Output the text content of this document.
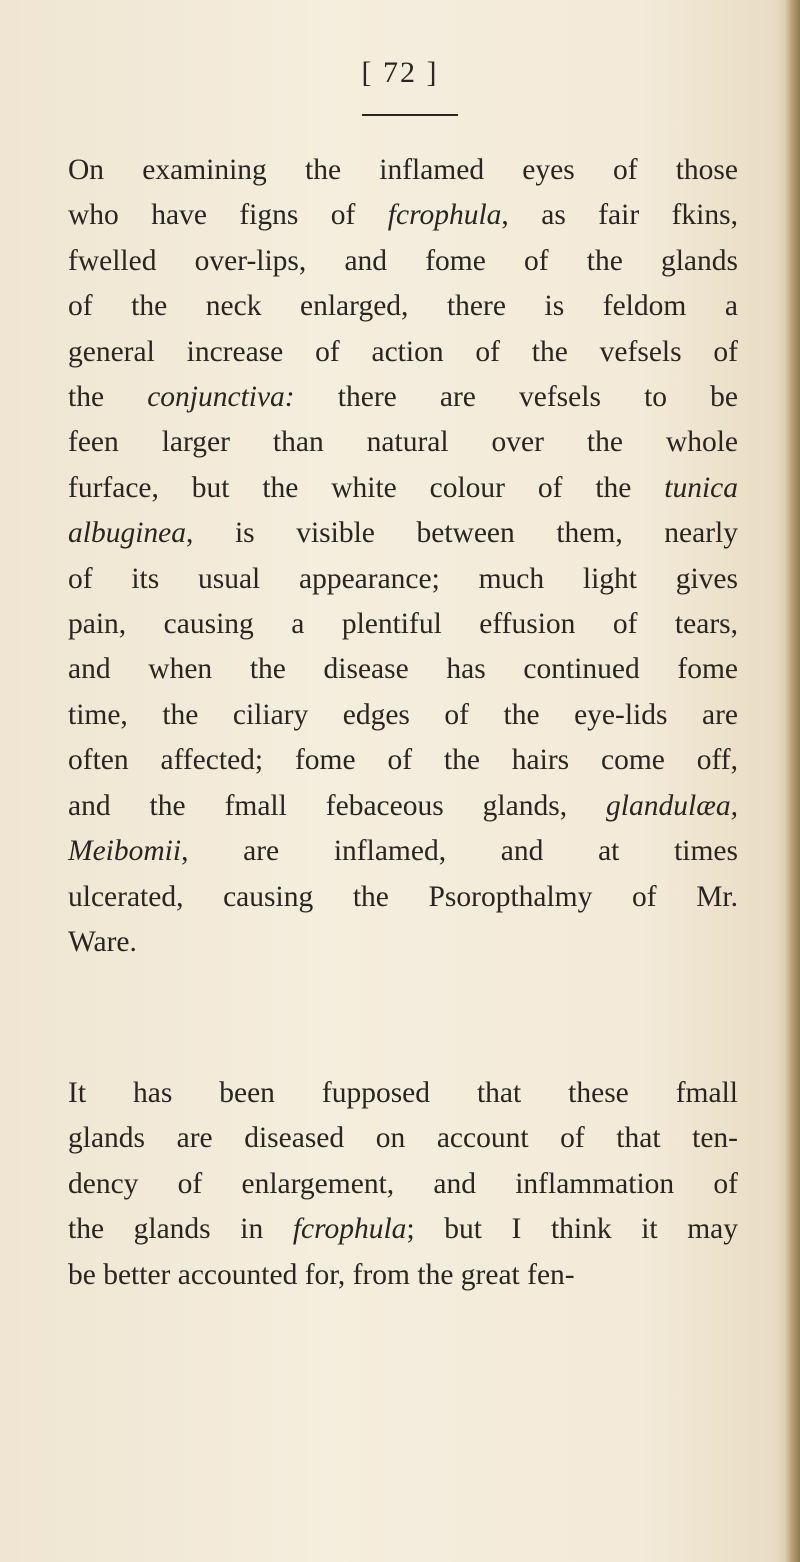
[ 72 ]
On examining the inflamed eyes of those
who have figns of fcrophula, as fair fkins,
fwelled over-lips, and fome of the glands
of the neck enlarged, there is feldom a
general increase of action of the vefsels of
the conjunctiva: there are vefsels to be
feen larger than natural over the whole
furface, but the white colour of the tunica
albuginea, is visible between them, nearly
of its usual appearance; much light gives
pain, causing a plentiful effusion of tears,
and when the disease has continued fome
time, the ciliary edges of the eye-lids are
often affected; fome of the hairs come off,
and the fmall febaceous glands, glandulæa,
Meibomii, are inflamed, and at times
ulcerated, causing the Psoropthalmy of Mr.
Ware.
It has been fupposed that these fmall
glands are diseased on account of that ten-
dency of enlargement, and inflammation of
the glands in fcrophula; but I think it may
be better accounted for, from the great fen-
